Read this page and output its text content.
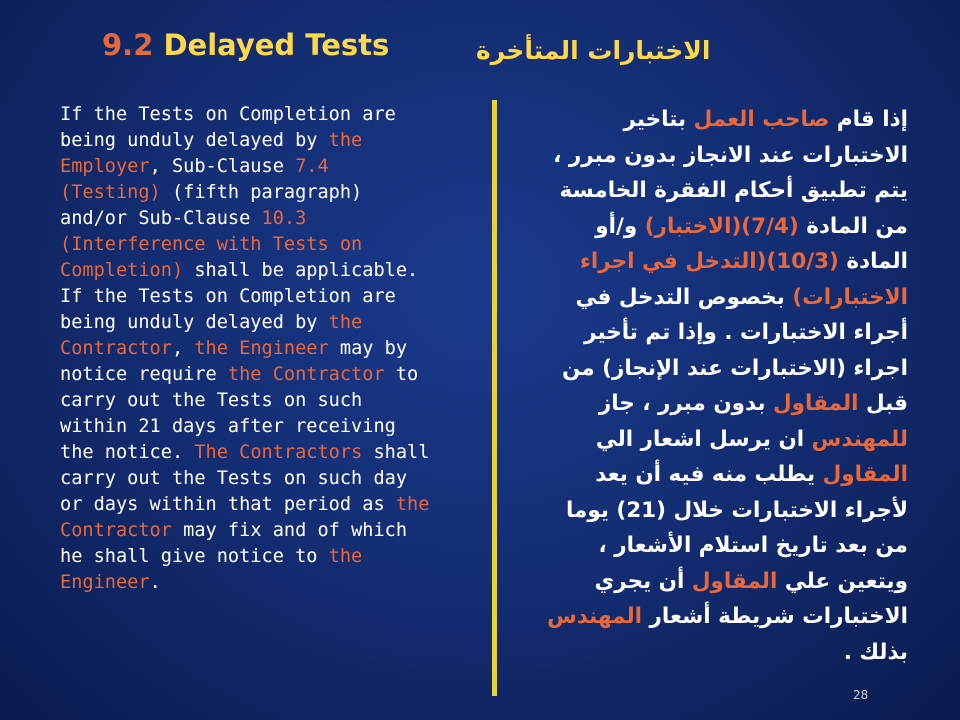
9.2 Delayed Tests	الاختبارات المتأخرة

If the Tests on Completion are being unduly delayed by the Employer, Sub-Clause 7.4 (Testing) (fifth paragraph) and/or Sub-Clause 10.3 (Interference with Tests on Completion) shall be applicable.

If the Tests on Completion are being unduly delayed by the Contractor, the Engineer may by notice require the Contractor to carry out the Tests on such within 21 days after receiving the notice. The Contractors shall carry out the Tests on such day or days within that period as the Contractor may fix and of which he shall give notice to the Engineer.

إذا قام صاحب العمل بتاخير الاختبارات عند الانجاز بدون مبرر ، يتم تطبيق أحكام الفقرة الخامسة من المادة (7/4)(الاختبار) و/أو المادة (10/3)(التدخل في اجراء الاختبارات) بخصوص التدخل في أجراء الاختبارات . وإذا تم تأخير اجراء (الاختبارات عند الإنجاز) من قبل المقاول بدون مبرر ، جاز للمهندس ان يرسل اشعار الي المقاول يطلب منه فيه أن يعد لأجراء الاختبارات خلال (21) يوما من بعد تاريخ استلام الأشعار ، ويتعين علي المقاول أن يجري الاختبارات شريطة أشعار المهندس بذلك .

28
